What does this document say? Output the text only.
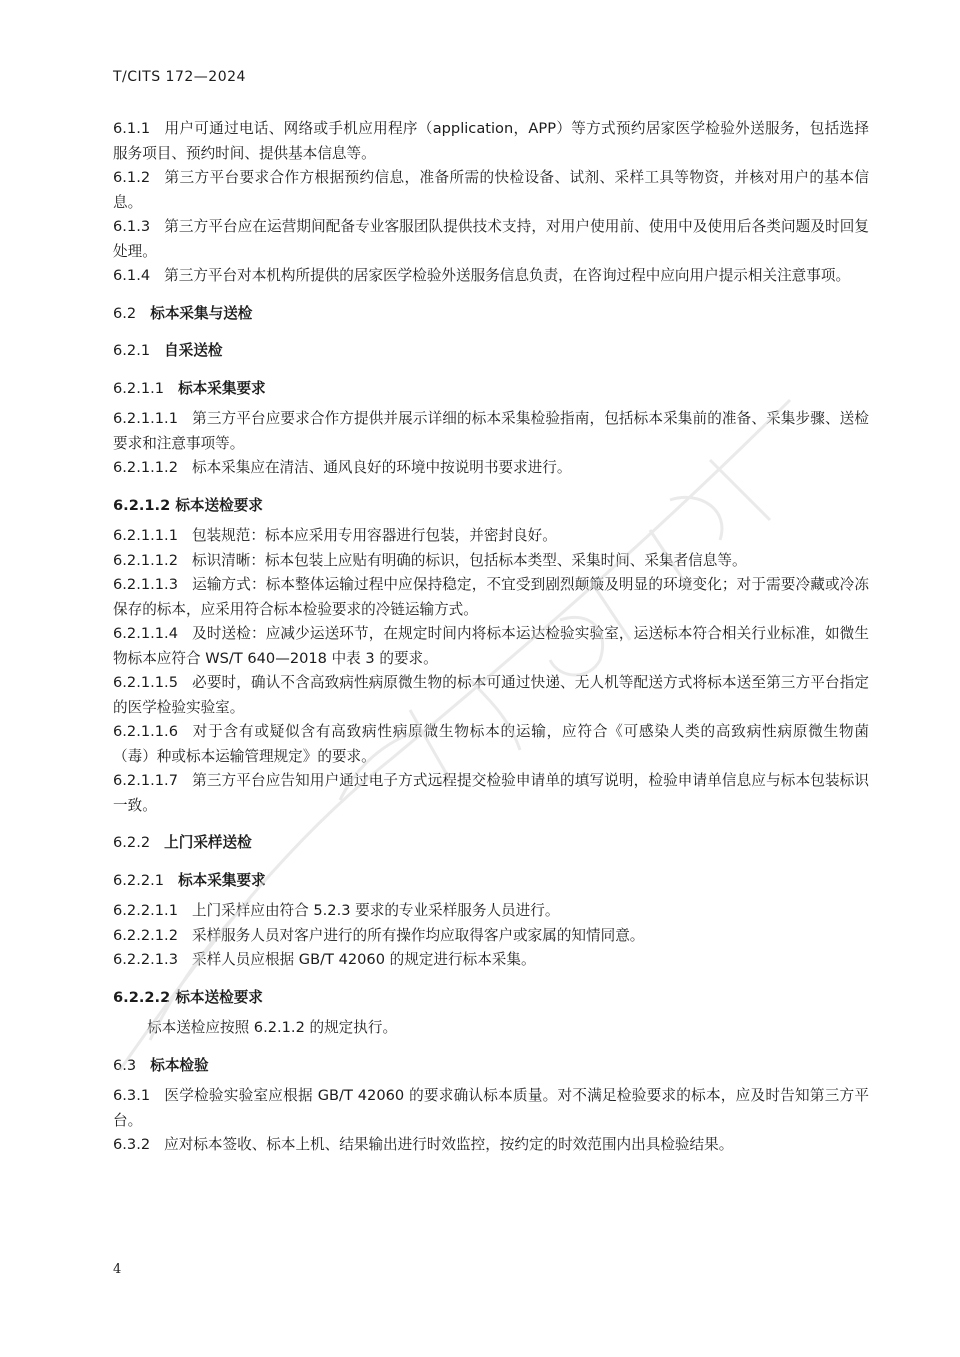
T/CITS 172—2024

6.1.1 用户可通过电话、网络或手机应用程序（application，APP）等方式预约居家医学检验外送服务，包括选择服务项目、预约时间、提供基本信息等。

6.1.2 第三方平台要求合作方根据预约信息，准备所需的快检设备、试剂、采样工具等物资，并核对用户的基本信息。

6.1.3 第三方平台应在运营期间配备专业客服团队提供技术支持，对用户使用前、使用中及使用后各类问题及时回复处理。

6.1.4 第三方平台对本机构所提供的居家医学检验外送服务信息负责，在咨询过程中应向用户提示相关注意事项。

6.2 标本采集与送检

6.2.1 自采送检

6.2.1.1 标本采集要求

6.2.1.1.1 第三方平台应要求合作方提供并展示详细的标本采集检验指南，包括标本采集前的准备、采集步骤、送检要求和注意事项等。

6.2.1.1.2 标本采集应在清洁、通风良好的环境中按说明书要求进行。

6.2.1.2 标本送检要求

6.2.1.1.1 包装规范：标本应采用专用容器进行包装，并密封良好。

6.2.1.1.2 标识清晰：标本包装上应贴有明确的标识，包括标本类型、采集时间、采集者信息等。

6.2.1.1.3 运输方式：标本整体运输过程中应保持稳定，不宜受到剧烈颠簸及明显的环境变化；对于需要冷藏或冷冻保存的标本，应采用符合标本检验要求的冷链运输方式。

6.2.1.1.4 及时送检：应减少运送环节，在规定时间内将标本运达检验实验室，运送标本符合相关行业标准，如微生物标本应符合 WS/T 640—2018 中表 3 的要求。

6.2.1.1.5 必要时，确认不含高致病性病原微生物的标本可通过快递、无人机等配送方式将标本送至第三方平台指定的医学检验实验室。

6.2.1.1.6 对于含有或疑似含有高致病性病原微生物标本的运输，应符合《可感染人类的高致病性病原微生物菌（毒）种或标本运输管理规定》的要求。

6.2.1.1.7 第三方平台应告知用户通过电子方式远程提交检验申请单的填写说明，检验申请单信息应与标本包装标识一致。

6.2.2 上门采样送检

6.2.2.1 标本采集要求

6.2.2.1.1 上门采样应由符合 5.2.3 要求的专业采样服务人员进行。

6.2.2.1.2 采样服务人员对客户进行的所有操作均应取得客户或家属的知情同意。

6.2.2.1.3 采样人员应根据 GB/T 42060 的规定进行标本采集。

6.2.2.2 标本送检要求

标本送检应按照 6.2.1.2 的规定执行。

6.3 标本检验

6.3.1 医学检验实验室应根据 GB/T 42060 的要求确认标本质量。对不满足检验要求的标本，应及时告知第三方平台。

6.3.2 应对标本签收、标本上机、结果输出进行时效监控，按约定的时效范围内出具检验结果。

4
